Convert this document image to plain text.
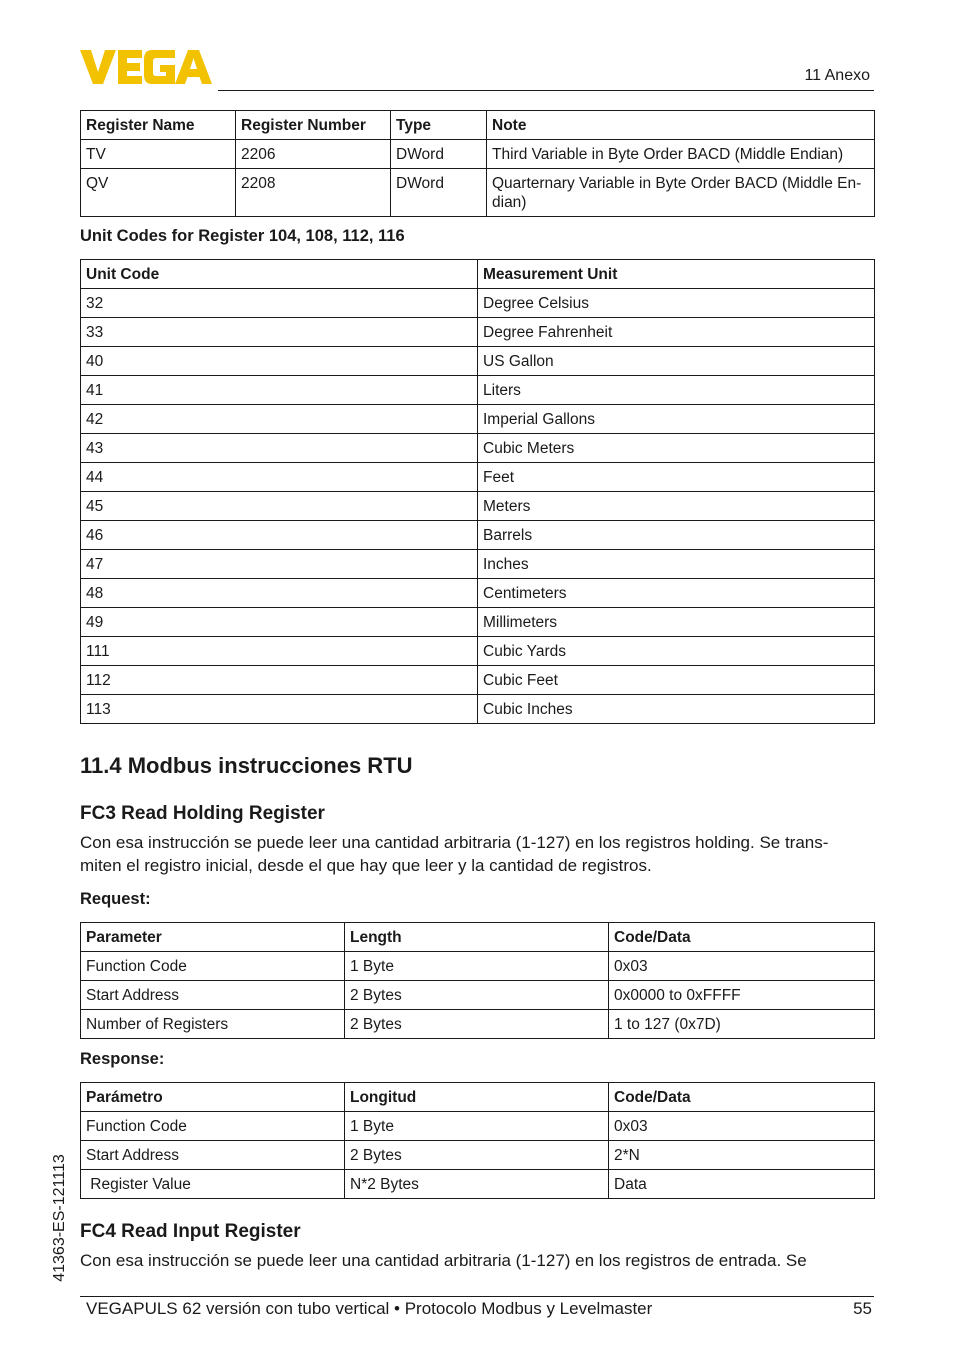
11 Anexo
Register Name	Register Number	Type	Note
TV	2206	DWord	Third Variable in Byte Order BACD (Middle Endian)
QV	2208	DWord	Quarternary Variable in Byte Order BACD (Middle En-dian)
Unit Codes for Register 104, 108, 112, 116
Unit Code	Measurement Unit
32	Degree Celsius
33	Degree Fahrenheit
40	US Gallon
41	Liters
42	Imperial Gallons
43	Cubic Meters
44	Feet
45	Meters
46	Barrels
47	Inches
48	Centimeters
49	Millimeters
111	Cubic Yards
112	Cubic Feet
113	Cubic Inches
11.4 Modbus instrucciones RTU
FC3 Read Holding Register
Con esa instrucción se puede leer una cantidad arbitraria (1-127) en los registros holding. Se trans-
miten el registro inicial, desde el que hay que leer y la cantidad de registros.
Request:
Parameter	Length	Code/Data
Function Code	1 Byte	0x03
Start Address	2 Bytes	0x0000 to 0xFFFF
Number of Registers	2 Bytes	1 to 127 (0x7D)
Response:
Parámetro	Longitud	Code/Data
Function Code	1 Byte	0x03
Start Address	2 Bytes	2*N
Register Value	N*2 Bytes	Data
FC4 Read Input Register
Con esa instrucción se puede leer una cantidad arbitraria (1-127) en los registros de entrada. Se
41363-ES-121113
VEGAPULS 62 versión con tubo vertical • Protocolo Modbus y Levelmaster	55
